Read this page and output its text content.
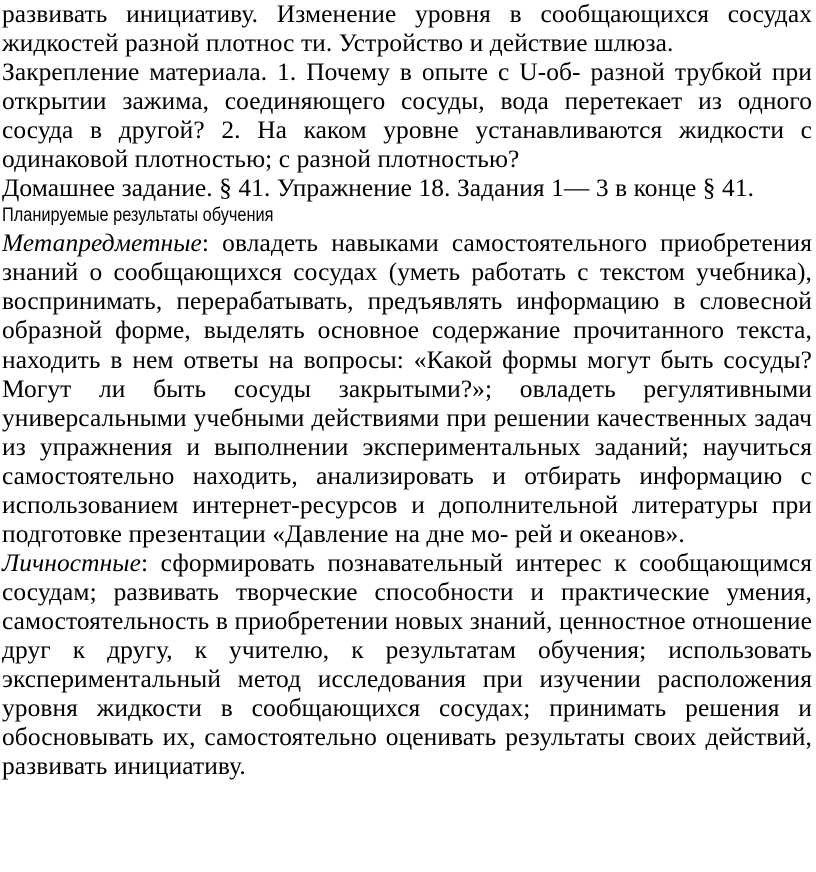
развивать инициативу. Изменение уровня в сообщающихся сосудах жидкостей разной плотнос ти. Устройство и действие шлюза.

Закрепление материала. 1. Почему в опыте с U-об- разной трубкой при открытии зажима, соединяющего сосуды, вода перетекает из одного сосуда в другой? 2. На каком уровне устанавливаются жидкости с одинаковой плотностью; с разной плотностью?

Домашнее задание. § 41. Упражнение 18. Задания 1— 3 в конце § 41.

Планируемые результаты обучения

Метапредметные: овладеть навыками самостоятельного приобретения знаний о сообщающихся сосудах (уметь работать с текстом учебника), воспринимать, перерабатывать, предъявлять информацию в словесной образной форме, выделять основное содержание прочитанного текста, находить в нем ответы на вопросы: «Какой формы могут быть сосуды? Могут ли быть сосуды закрытыми?»; овладеть регулятивными универсальными учебными действиями при решении качественных задач из упражнения и выполнении экспериментальных заданий; научиться самостоятельно находить, анализировать и отбирать информацию с использованием интернет-ресурсов и дополнительной литературы при подготовке презентации «Давление на дне мо- рей и океанов».

Личностные: сформировать познавательный интерес к сообщающимся сосудам; развивать творческие способности и практические умения, самостоятельность в приобретении новых знаний, ценностное отношение друг к другу, к учителю, к результатам обучения; использовать экспериментальный метод исследования при изучении расположения уровня жидкости в сообщающихся сосудах; принимать решения и обосновывать их, самостоятельно оценивать результаты своих действий, развивать инициативу.
